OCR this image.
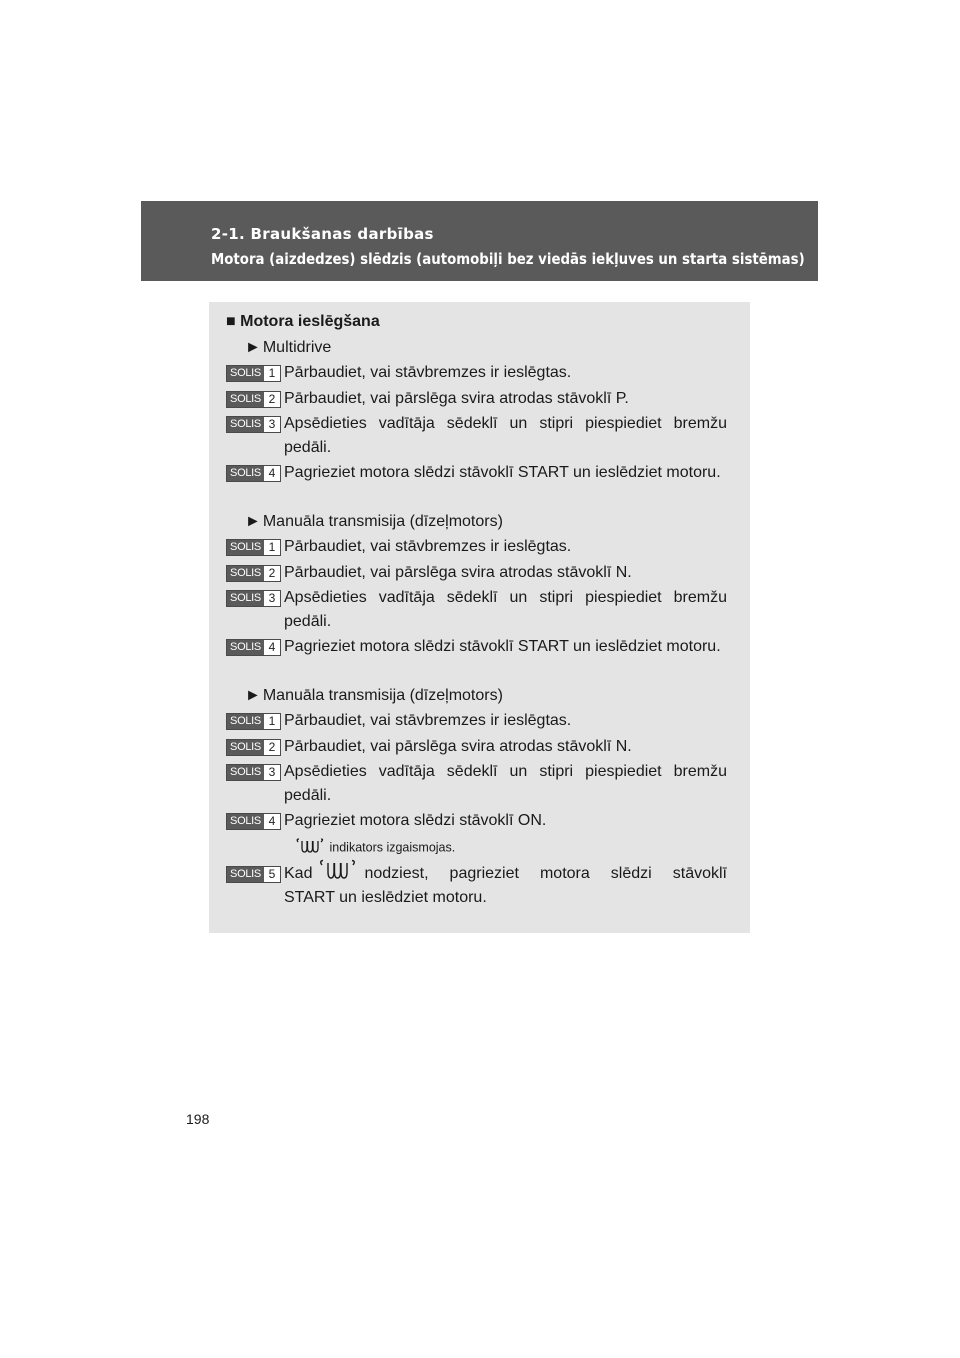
2-1. Braukšanas darbības
Motora (aizdedzes) slēdzis (automobiļi bez viedās iekļuves un starta sistēmas)
■ Motora ieslēgšana
► Multidrive
SOLIS 1 Pārbaudiet, vai stāvbremzes ir ieslēgtas.
SOLIS 2 Pārbaudiet, vai pārslēga svira atrodas stāvoklī P.
SOLIS 3 Apsēdieties vadītāja sēdeklī un stipri piespiediet bremžu pedāli.
SOLIS 4 Pagrieziet motora slēdzi stāvoklī START un ieslēdziet motoru.
► Manuāla transmisija (dīzeļmotors)
SOLIS 1 Pārbaudiet, vai stāvbremzes ir ieslēgtas.
SOLIS 2 Pārbaudiet, vai pārslēga svira atrodas stāvoklī N.
SOLIS 3 Apsēdieties vadītāja sēdeklī un stipri piespiediet bremžu pedāli.
SOLIS 4 Pagrieziet motora slēdzi stāvoklī START un ieslēdziet motoru.
► Manuāla transmisija (dīzeļmotors)
SOLIS 1 Pārbaudiet, vai stāvbremzes ir ieslēgtas.
SOLIS 2 Pārbaudiet, vai pārslēga svira atrodas stāvoklī N.
SOLIS 3 Apsēdieties vadītāja sēdeklī un stipri piespiediet bremžu pedāli.
SOLIS 4 Pagrieziet motora slēdzi stāvoklī ON.
indikators izgaismojas.
SOLIS 5 Kad	nodziest, pagrieziet motora slēdzi stāvoklī
START un ieslēdziet motoru.
198
